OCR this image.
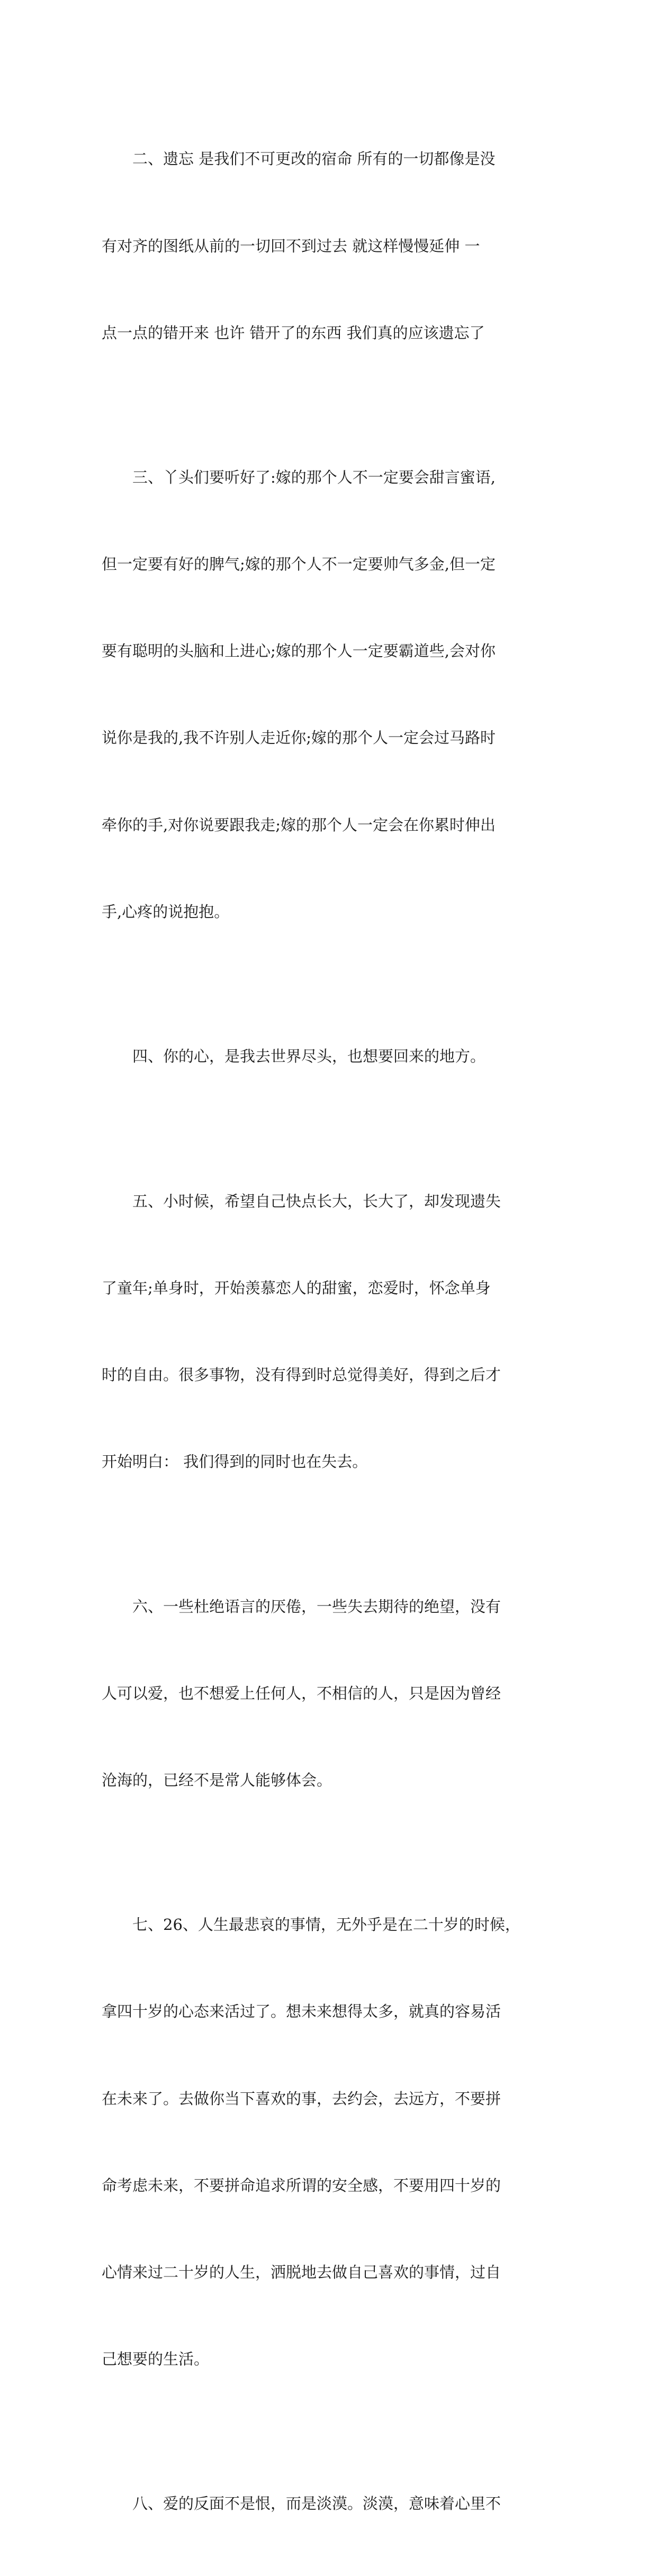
二、遗忘 是我们不可更改的宿命 所有的一切都像是没

有对齐的图纸从前的一切回不到过去 就这样慢慢延伸 一

点一点的错开来 也许 错开了的东西 我们真的应该遗忘了

三、丫头们要听好了:嫁的那个人不一定要会甜言蜜语,

但一定要有好的脾气;嫁的那个人不一定要帅气多金,但一定

要有聪明的头脑和上进心;嫁的那个人一定要霸道些,会对你

说你是我的,我不许别人走近你;嫁的那个人一定会过马路时

牵你的手,对你说要跟我走;嫁的那个人一定会在你累时伸出

手,心疼的说抱抱。

四、你的心，是我去世界尽头，也想要回来的地方。

五、小时候，希望自己快点长大，长大了，却发现遗失

了童年;单身时，开始羡慕恋人的甜蜜，恋爱时，怀念单身

时的自由。很多事物，没有得到时总觉得美好，得到之后才

开始明白： 我们得到的同时也在失去。

六、一些杜绝语言的厌倦，一些失去期待的绝望，没有

人可以爱，也不想爱上任何人，不相信的人，只是因为曾经

沧海的，已经不是常人能够体会。

七、26、人生最悲哀的事情，无外乎是在二十岁的时候，

拿四十岁的心态来活过了。想未来想得太多，就真的容易活

在未来了。去做你当下喜欢的事，去约会，去远方，不要拼

命考虑未来，不要拼命追求所谓的安全感，不要用四十岁的

心情来过二十岁的人生，洒脱地去做自己喜欢的事情，过自

己想要的生活。

八、爱的反面不是恨，而是淡漠。淡漠，意味着心里不
